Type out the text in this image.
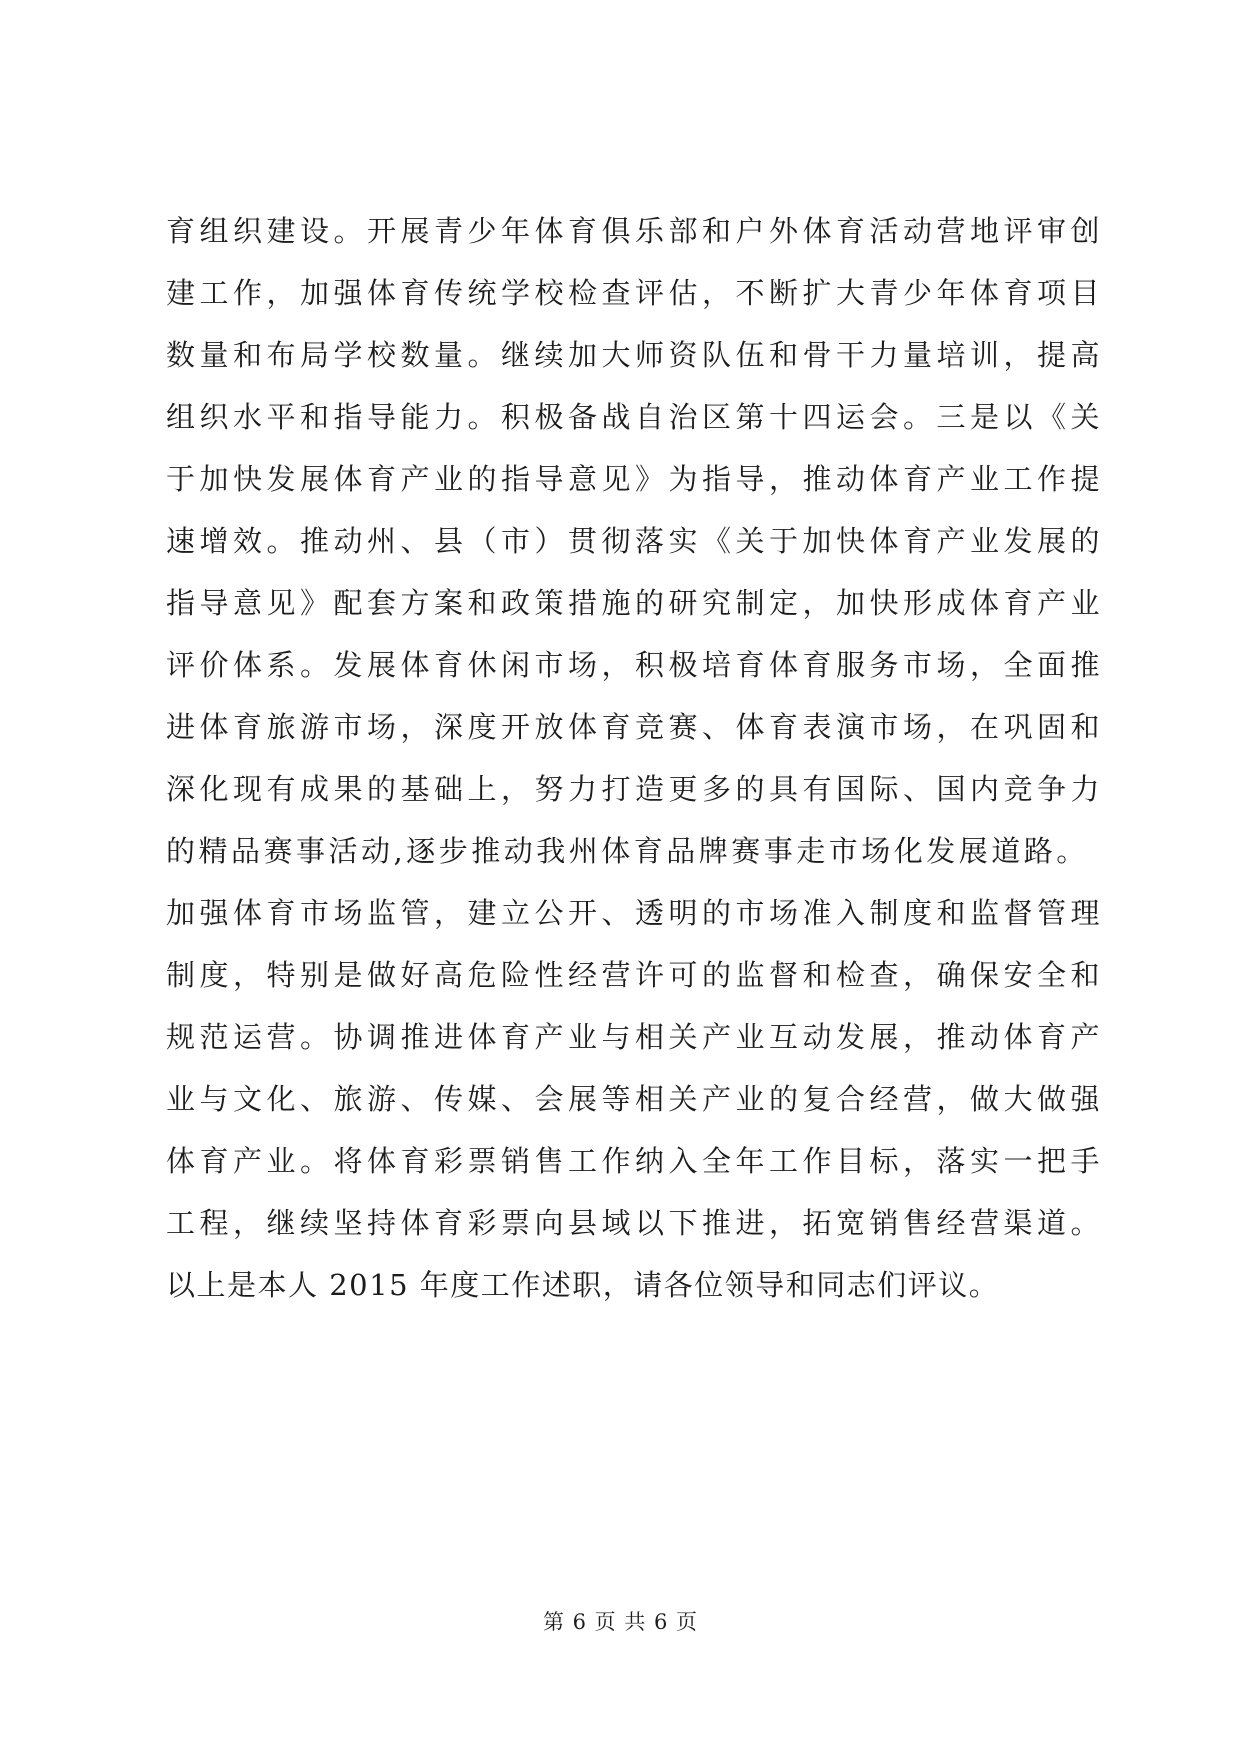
育组织建设。开展青少年体育俱乐部和户外体育活动营地评审创
建工作，加强体育传统学校检查评估，不断扩大青少年体育项目
数量和布局学校数量。继续加大师资队伍和骨干力量培训，提高
组织水平和指导能力。积极备战自治区第十四运会。三是以《关
于加快发展体育产业的指导意见》为指导，推动体育产业工作提
速增效。推动州、县（市）贯彻落实《关于加快体育产业发展的
指导意见》配套方案和政策措施的研究制定，加快形成体育产业
评价体系。发展体育休闲市场，积极培育体育服务市场，全面推
进体育旅游市场，深度开放体育竞赛、体育表演市场，在巩固和
深化现有成果的基础上，努力打造更多的具有国际、国内竞争力
的精品赛事活动,逐步推动我州体育品牌赛事走市场化发展道路。
加强体育市场监管，建立公开、透明的市场准入制度和监督管理
制度，特别是做好高危险性经营许可的监督和检查，确保安全和
规范运营。协调推进体育产业与相关产业互动发展，推动体育产
业与文化、旅游、传媒、会展等相关产业的复合经营，做大做强
体育产业。将体育彩票销售工作纳入全年工作目标，落实一把手
工程，继续坚持体育彩票向县域以下推进，拓宽销售经营渠道。
以上是本人 2015 年度工作述职，请各位领导和同志们评议。
第 6 页 共 6 页
